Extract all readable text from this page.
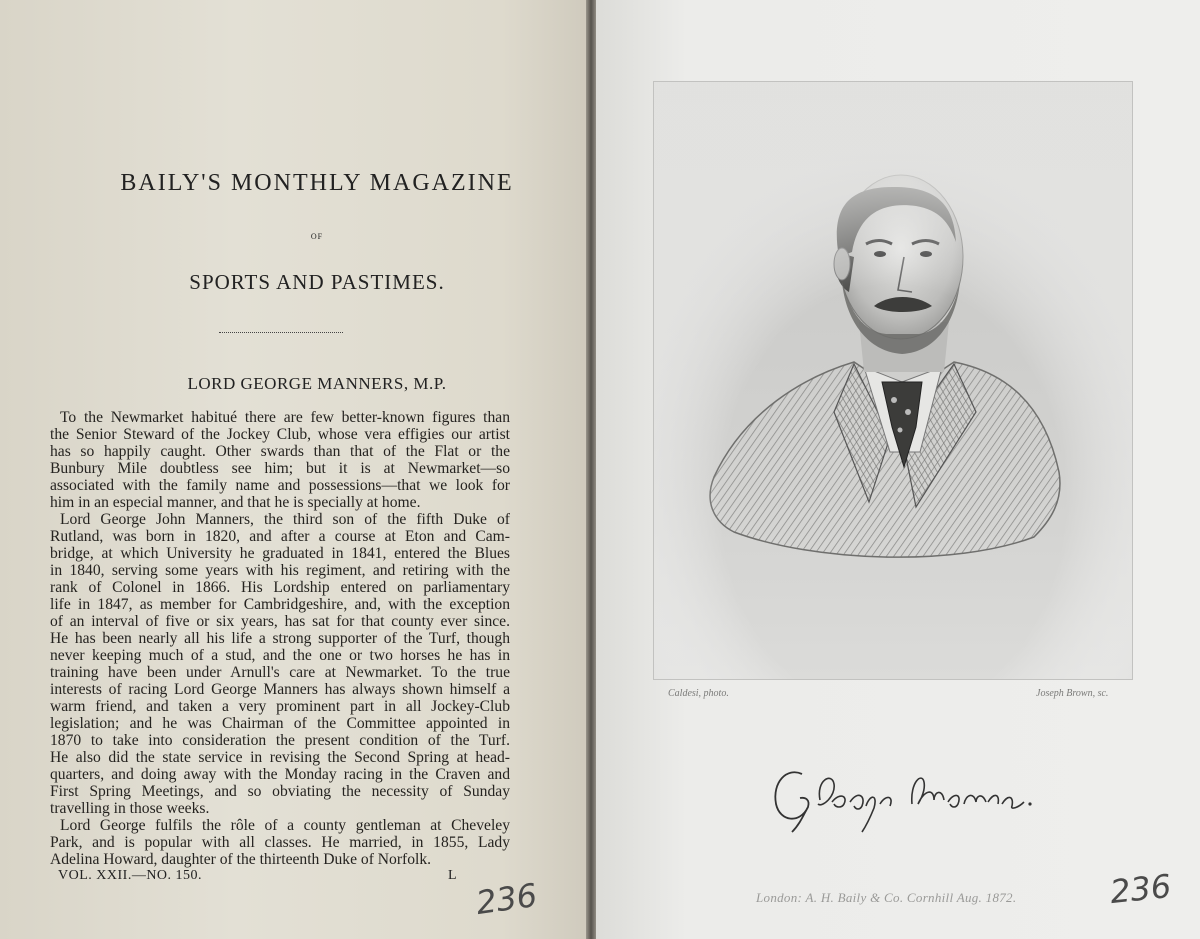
BAILY'S MONTHLY MAGAZINE
OF
SPORTS AND PASTIMES.
LORD GEORGE MANNERS, M.P.
To the Newmarket habitué there are few better-known figures than
the Senior Steward of the Jockey Club, whose vera effigies our artist
has so happily caught. Other swards than that of the Flat or the
Bunbury Mile doubtless see him; but it is at Newmarket—so
associated with the family name and possessions—that we look for
him in an especial manner, and that he is specially at home.
Lord George John Manners, the third son of the fifth Duke of
Rutland, was born in 1820, and after a course at Eton and Cam-
bridge, at which University he graduated in 1841, entered the Blues
in 1840, serving some years with his regiment, and retiring with the
rank of Colonel in 1866. His Lordship entered on parliamentary
life in 1847, as member for Cambridgeshire, and, with the exception
of an interval of five or six years, has sat for that county ever since.
He has been nearly all his life a strong supporter of the Turf, though
never keeping much of a stud, and the one or two horses he has in
training have been under Arnull's care at Newmarket. To the true
interests of racing Lord George Manners has always shown himself a
warm friend, and taken a very prominent part in all Jockey-Club
legislation; and he was Chairman of the Committee appointed in
1870 to take into consideration the present condition of the Turf.
He also did the state service in revising the Second Spring at head-
quarters, and doing away with the Monday racing in the Craven and
First Spring Meetings, and so obviating the necessity of Sunday
travelling in those weeks.
Lord George fulfils the rôle of a county gentleman at Cheveley
Park, and is popular with all classes. He married, in 1855, Lady
Adelina Howard, daughter of the thirteenth Duke of Norfolk.
VOL. XXII.—NO. 150.	L
236
Caldesi, photo.	Joseph Brown, sc.
London: A. H. Baily & Co. Cornhill Aug. 1872.	236
